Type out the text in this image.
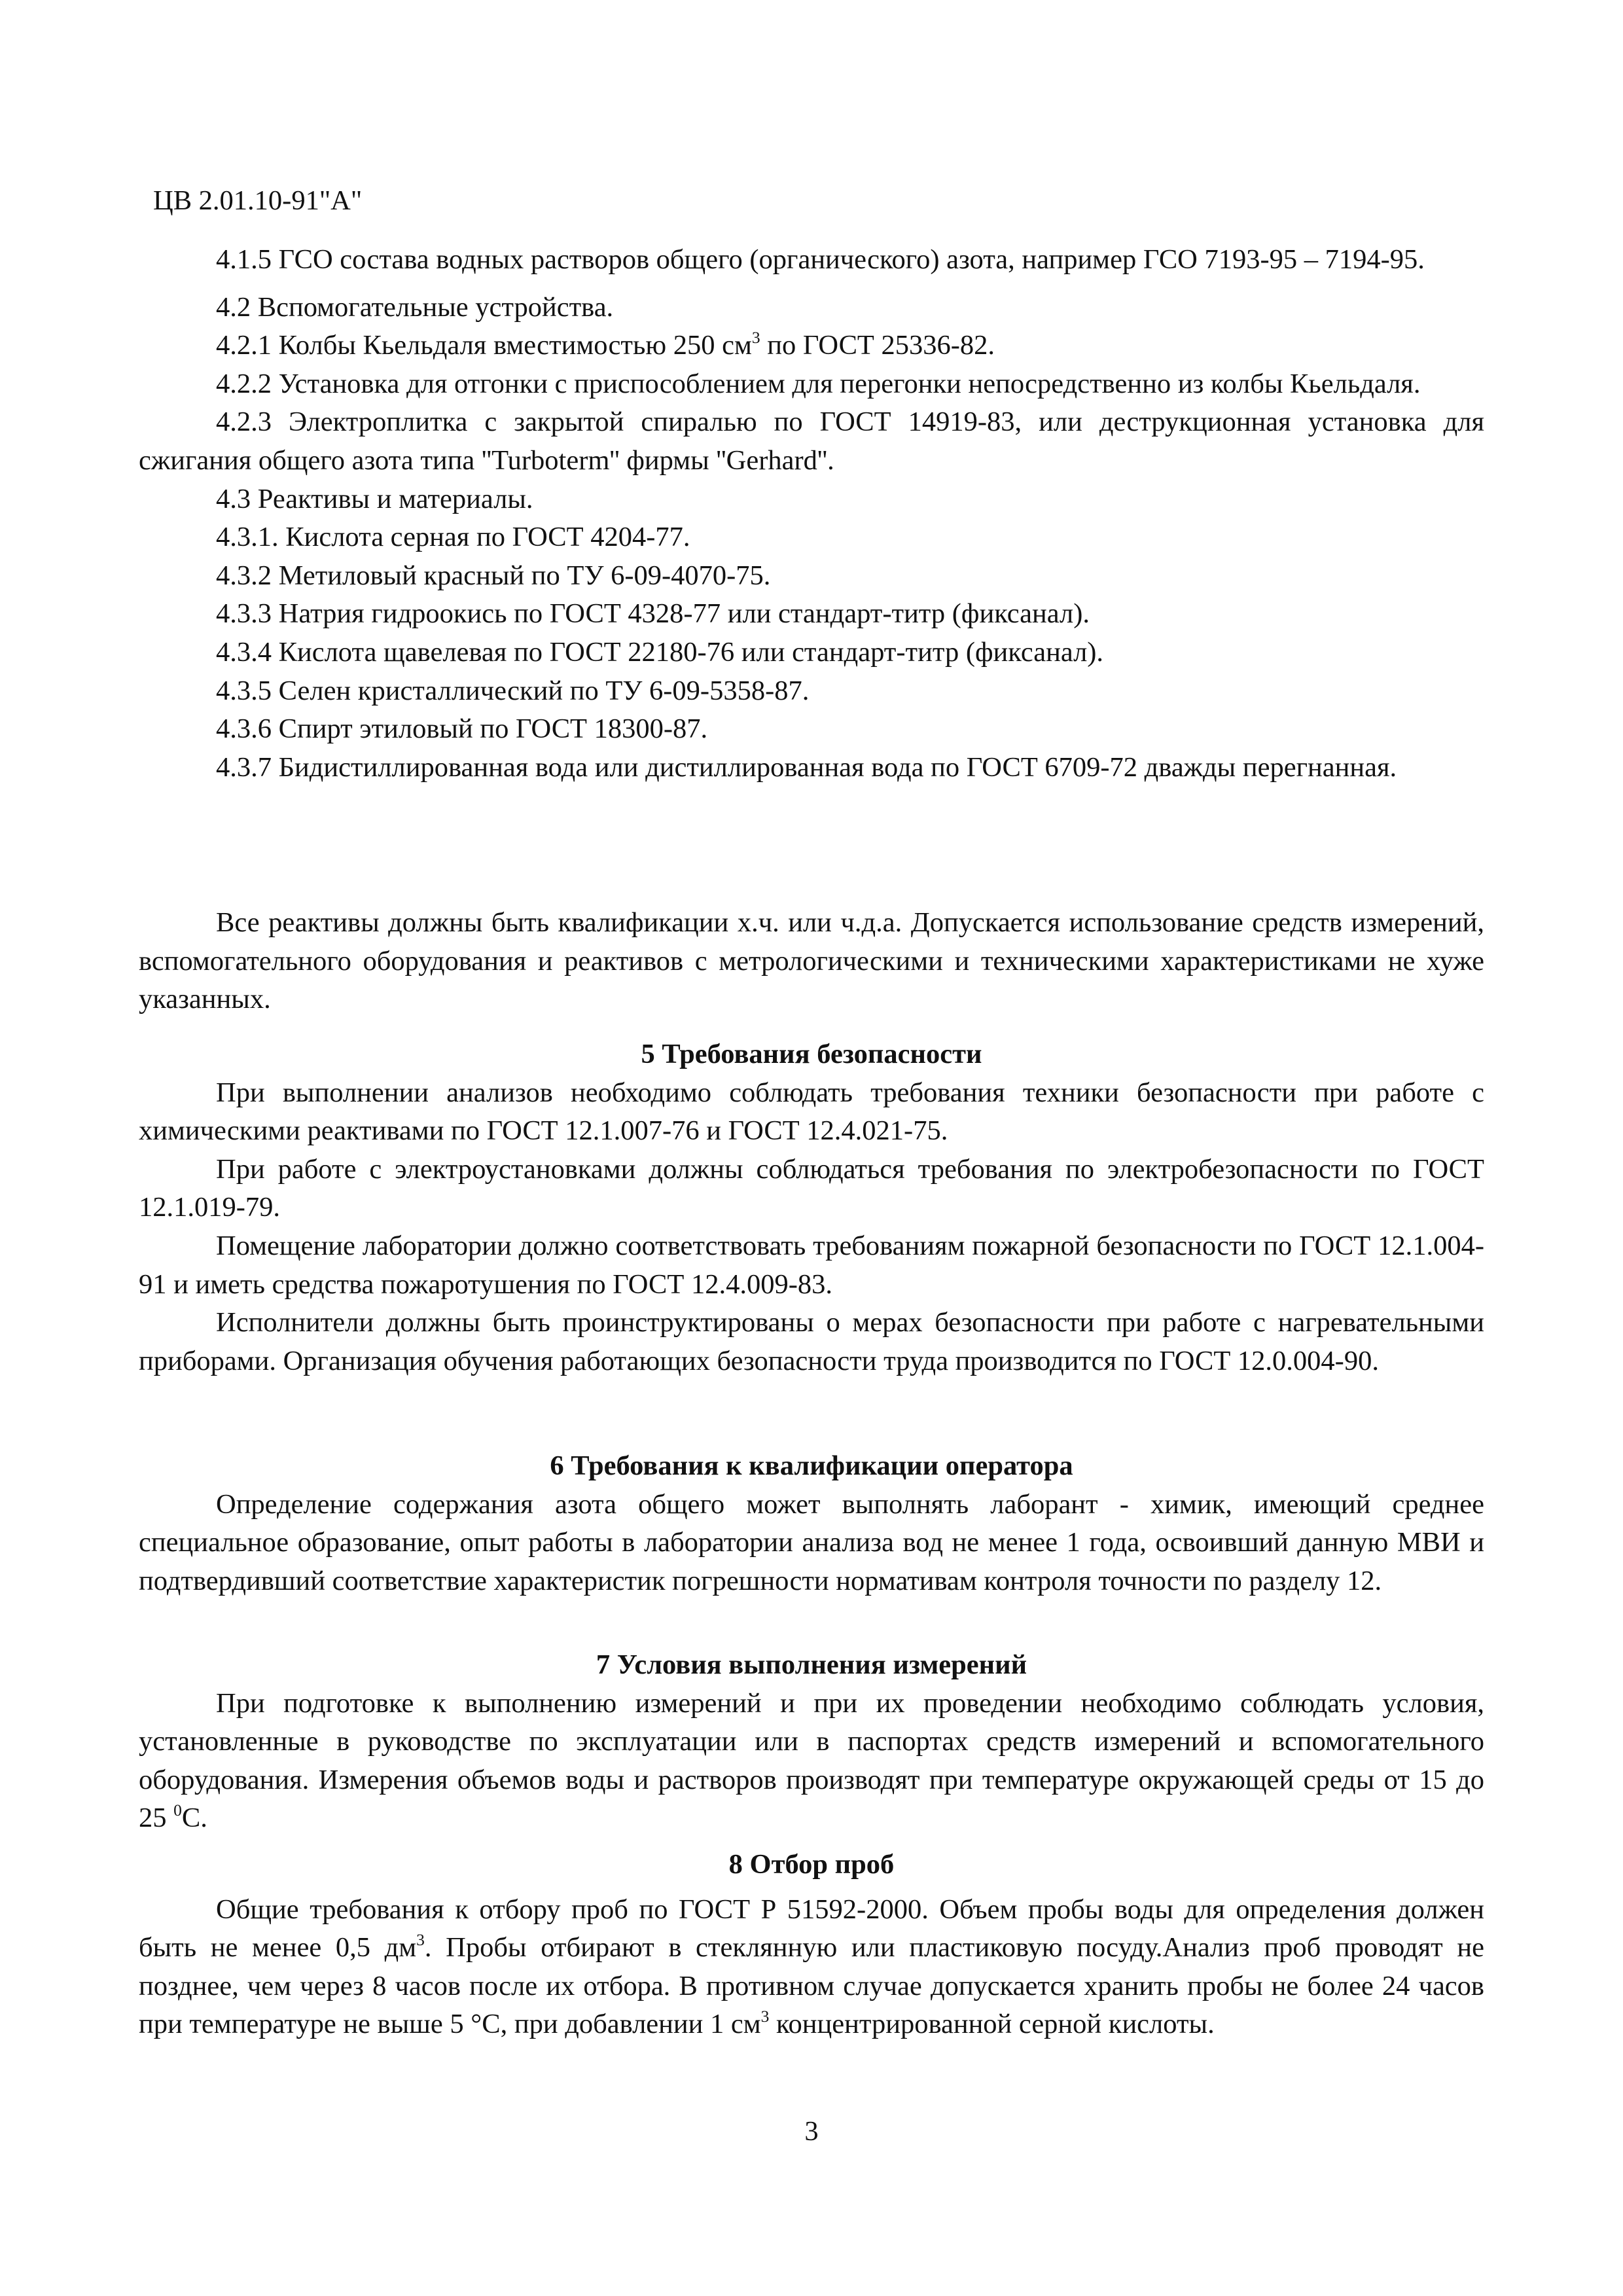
ЦВ 2.01.10-91"А"

4.1.5 ГСО состава водных растворов общего (органического) азота, например ГСО 7193-95 – 7194-95.

4.2 Вспомогательные устройства.

4.2.1 Колбы Кьельдаля вместимостью 250 $см^3$ по ГОСТ 25336-82.

4.2.2 Установка для отгонки с приспособлением для перегонки непосредственно из колбы Кьельдаля.

4.2.3 Электроплитка с закрытой спиралью по ГОСТ 14919-83, или деструкционная установка для сжигания общего азота типа ''Turboterm'' фирмы ''Gerhard''.

4.3 Реактивы и материалы.

4.3.1. Кислота серная по ГОСТ 4204-77.

4.3.2 Метиловый красный по ТУ 6-09-4070-75.

4.3.3 Натрия гидроокись по ГОСТ 4328-77 или стандарт-титр (фиксанал).

4.3.4 Кислота щавелевая по ГОСТ 22180-76 или стандарт-титр (фиксанал).

4.3.5 Селен кристаллический по ТУ 6-09-5358-87.

4.3.6 Спирт этиловый по ГОСТ 18300-87.

4.3.7 Бидистиллированная вода или дистиллированная вода по ГОСТ 6709-72 дважды перегнанная.

Все реактивы должны быть квалификации х.ч. или ч.д.а. Допускается использование средств измерений, вспомогательного оборудования и реактивов с метрологическими и техническими характеристиками не хуже указанных.

5 Требования безопасности

При выполнении анализов необходимо соблюдать требования техники безопасности при работе с химическими реактивами по ГОСТ 12.1.007-76 и ГОСТ 12.4.021-75.

При работе с электроустановками должны соблюдаться требования по электробезопасности по ГОСТ 12.1.019-79.

Помещение лаборатории должно соответствовать требованиям пожарной безопасности по ГОСТ 12.1.004-91 и иметь средства пожаротушения по ГОСТ 12.4.009-83.

Исполнители должны быть проинструктированы о мерах безопасности при работе с нагревательными приборами. Организация обучения работающих безопасности труда производится по ГОСТ 12.0.004-90.

6 Требования к квалификации оператора

Определение содержания азота общего может выполнять лаборант - химик, имеющий среднее специальное образование, опыт работы в лаборатории анализа вод не менее 1 года, освоивший данную МВИ и подтвердивший соответствие характеристик погрешности нормативам контроля точности по разделу 12.

7 Условия выполнения измерений

При подготовке к выполнению измерений и при их проведении необходимо соблюдать условия, установленные в руководстве по эксплуатации или в паспортах средств измерений и вспомогательного оборудования. Измерения объемов воды и растворов производят при температуре окружающей среды от 15 до 25 $^0$С.

8 Отбор проб

Общие требования к отбору проб по ГОСТ Р 51592-2000. Объем пробы воды для определения должен быть не менее 0,5 $дм^3$. Пробы отбирают в стеклянную или пластиковую посуду.Анализ проб проводят не позднее, чем через 8 часов после их отбора. В противном случае допускается хранить пробы не более 24 часов при температуре не выше 5 °С, при добавлении 1 $см^3$ концентрированной серной кислоты.

3
